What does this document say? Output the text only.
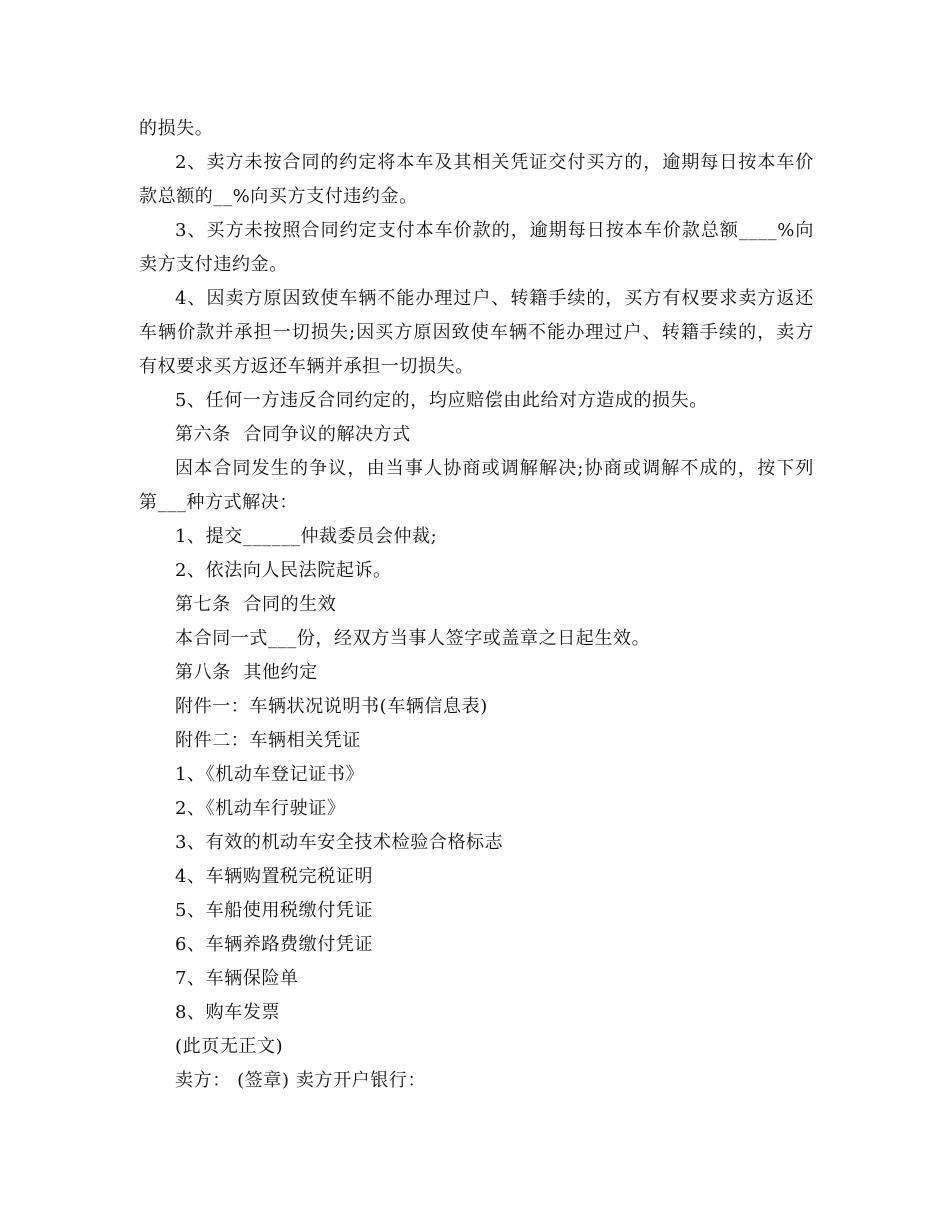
的损失。

2、卖方未按合同的约定将本车及其相关凭证交付买方的，逾期每日按本车价款总额的__%向买方支付违约金。

3、买方未按照合同约定支付本车价款的，逾期每日按本车价款总额____%向卖方支付违约金。

4、因卖方原因致使车辆不能办理过户、转籍手续的，买方有权要求卖方返还车辆价款并承担一切损失;因买方原因致使车辆不能办理过户、转籍手续的，卖方有权要求买方返还车辆并承担一切损失。

5、任何一方违反合同约定的，均应赔偿由此给对方造成的损失。

第六条  合同争议的解决方式

因本合同发生的争议，由当事人协商或调解解决;协商或调解不成的，按下列第___种方式解决：

1、提交______仲裁委员会仲裁;

2、依法向人民法院起诉。

第七条  合同的生效

本合同一式___份，经双方当事人签字或盖章之日起生效。

第八条  其他约定

附件一：车辆状况说明书(车辆信息表)

附件二：车辆相关凭证

1、《机动车登记证书》

2、《机动车行驶证》

3、有效的机动车安全技术检验合格标志

4、车辆购置税完税证明

5、车船使用税缴付凭证

6、车辆养路费缴付凭证

7、车辆保险单

8、购车发票

(此页无正文)

卖方： (签章) 卖方开户银行：
